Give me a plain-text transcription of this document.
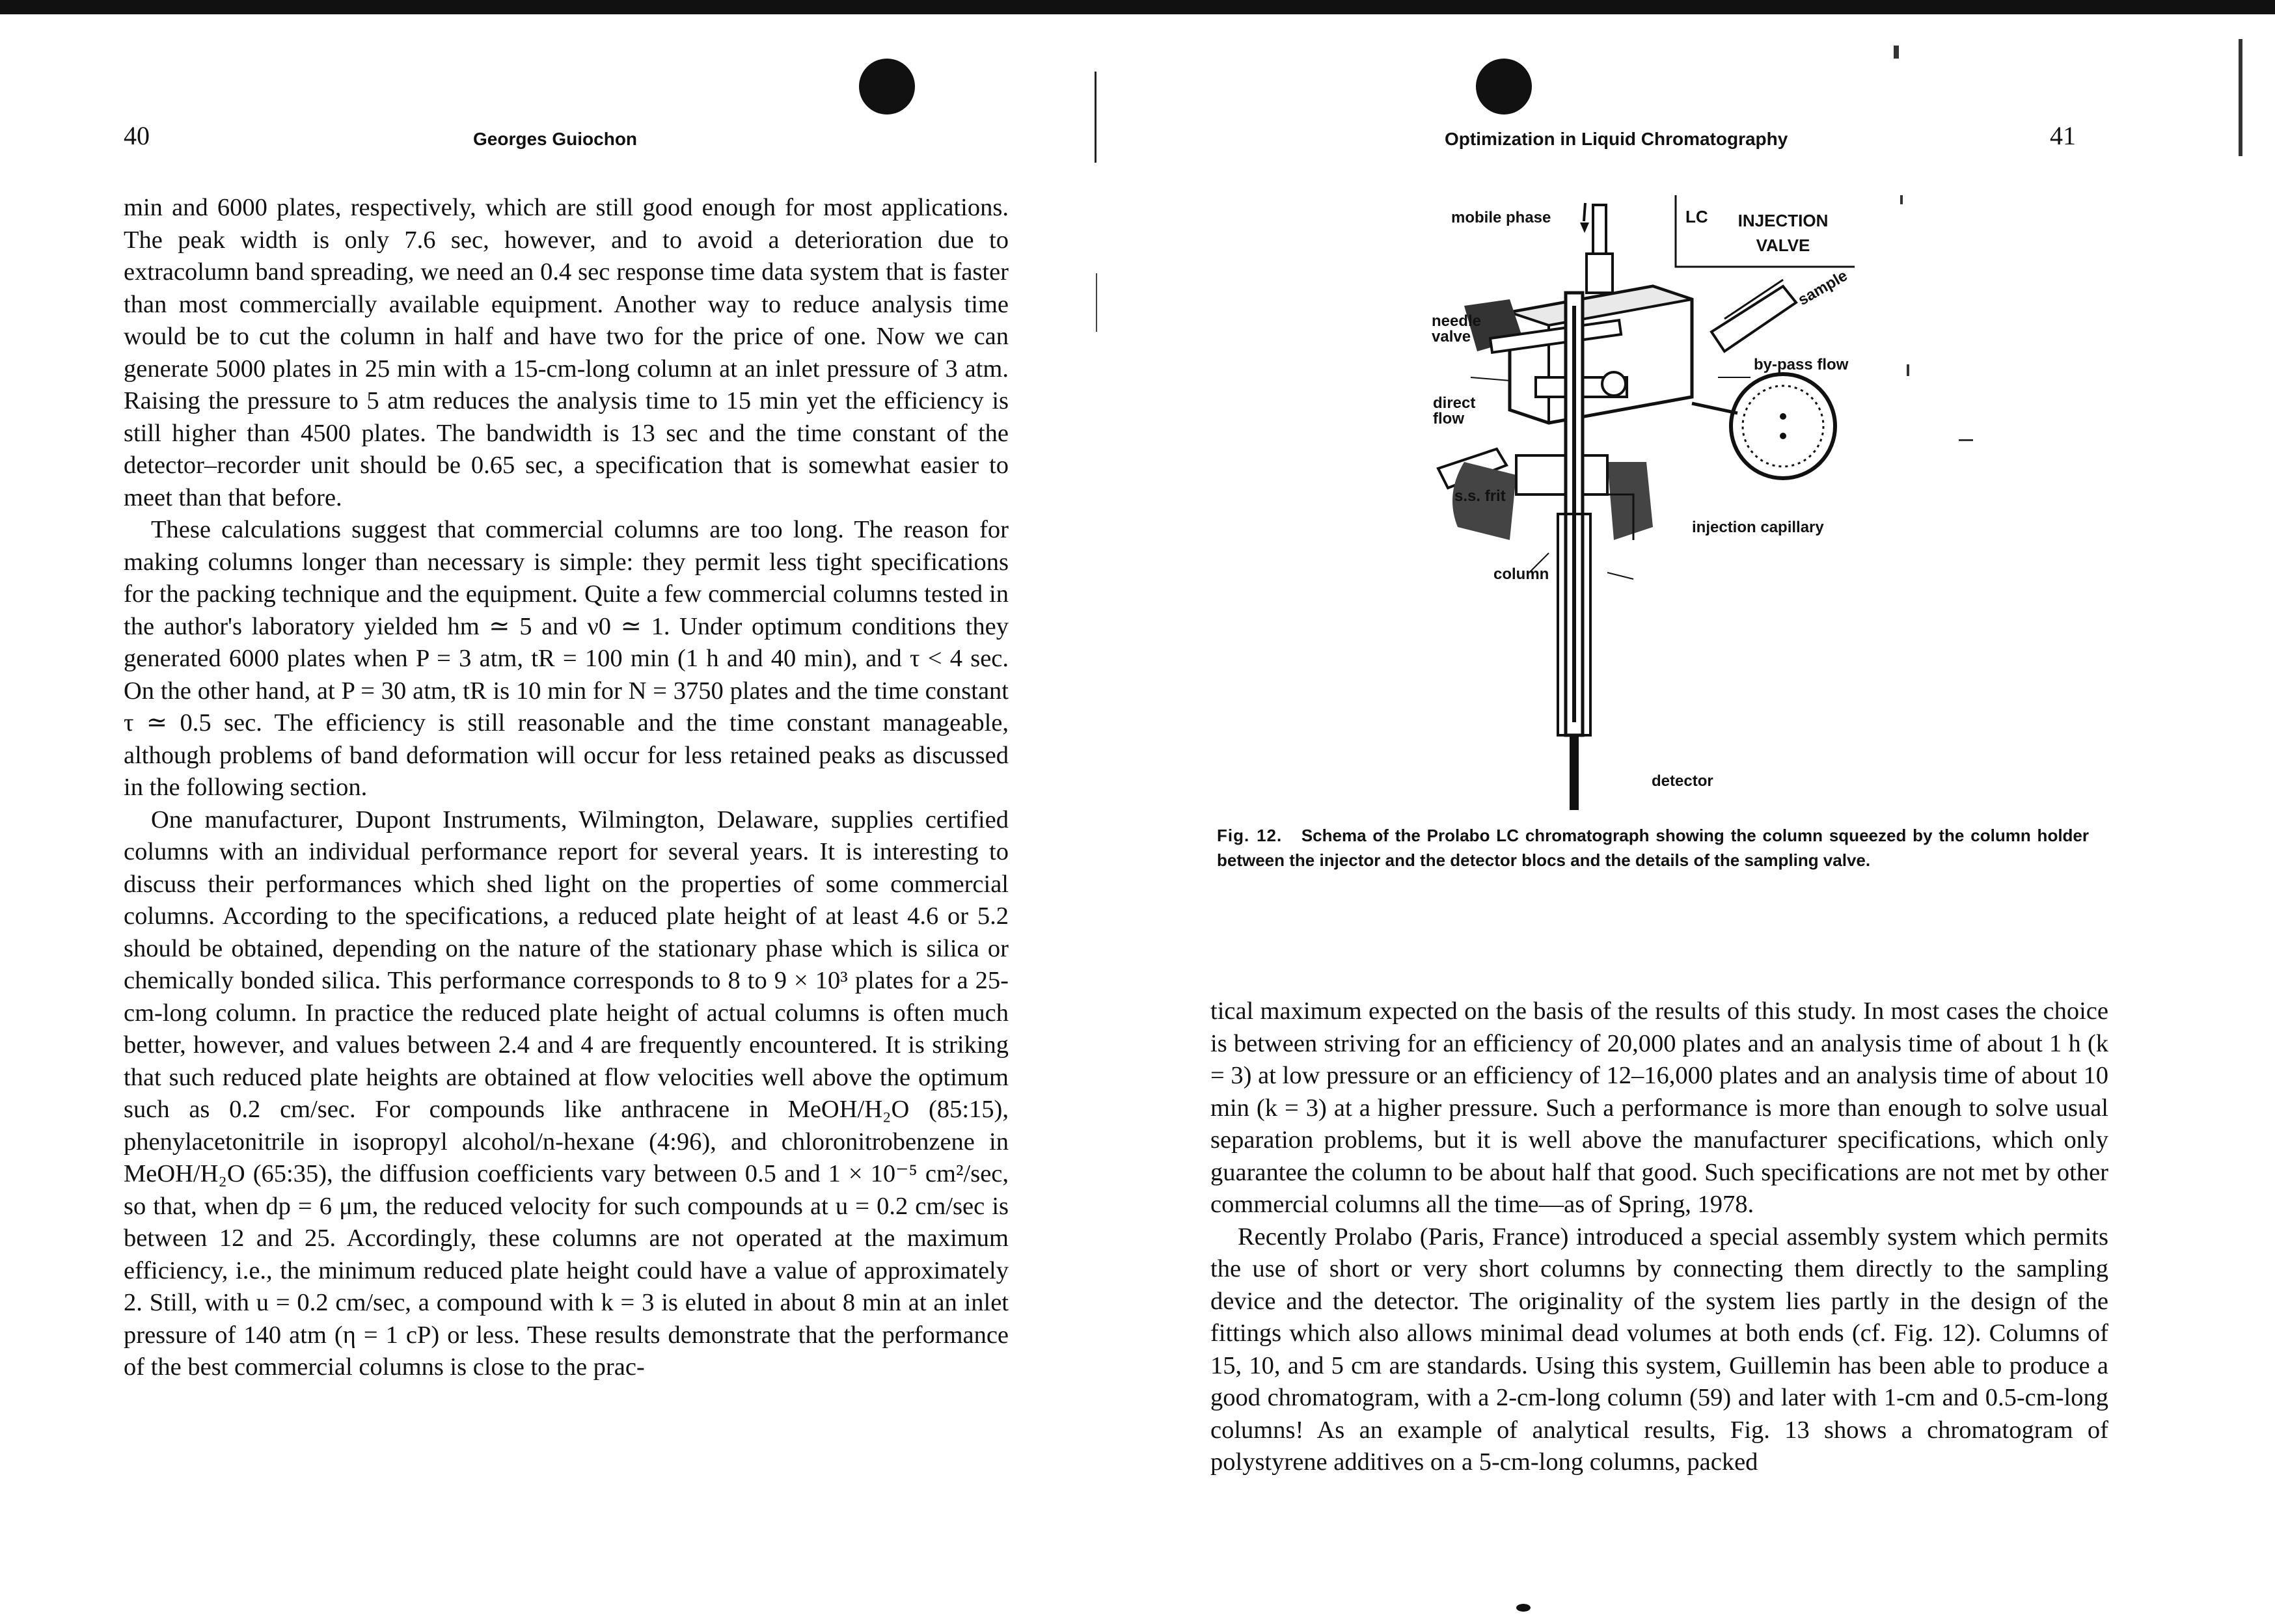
40	Georges Guiochon

min and 6000 plates, respectively, which are still good enough for most applications. The peak width is only 7.6 sec, however, and to avoid a deterioration due to extracolumn band spreading, we need an 0.4 sec response time data system that is faster than most commercially available equipment. Another way to reduce analysis time would be to cut the column in half and have two for the price of one. Now we can generate 5000 plates in 25 min with a 15-cm-long column at an inlet pressure of 3 atm. Raising the pressure to 5 atm reduces the analysis time to 15 min yet the efficiency is still higher than 4500 plates. The bandwidth is 13 sec and the time constant of the detector–recorder unit should be 0.65 sec, a specification that is somewhat easier to meet than that before.

These calculations suggest that commercial columns are too long. The reason for making columns longer than necessary is simple: they permit less tight specifications for the packing technique and the equipment. Quite a few commercial columns tested in the author's laboratory yielded hm ≃ 5 and ν0 ≃ 1. Under optimum conditions they generated 6000 plates when P = 3 atm, tR = 100 min (1 h and 40 min), and τ < 4 sec. On the other hand, at P = 30 atm, tR is 10 min for N = 3750 plates and the time constant τ ≃ 0.5 sec. The efficiency is still reasonable and the time constant manageable, although problems of band deformation will occur for less retained peaks as discussed in the following section.

One manufacturer, Dupont Instruments, Wilmington, Delaware, supplies certified columns with an individual performance report for several years. It is interesting to discuss their performances which shed light on the properties of some commercial columns. According to the specifications, a reduced plate height of at least 4.6 or 5.2 should be obtained, depending on the nature of the stationary phase which is silica or chemically bonded silica. This performance corresponds to 8 to 9 × 10³ plates for a 25-cm-long column. In practice the reduced plate height of actual columns is often much better, however, and values between 2.4 and 4 are frequently encountered. It is striking that such reduced plate heights are obtained at flow velocities well above the optimum such as 0.2 cm/sec. For compounds like anthracene in MeOH/H₂O (85:15), phenylacetonitrile in isopropyl alcohol/n-hexane (4:96), and chloronitrobenzene in MeOH/H₂O (65:35), the diffusion coefficients vary between 0.5 and 1 × 10⁻⁵ cm²/sec, so that, when dp = 6 μm, the reduced velocity for such compounds at u = 0.2 cm/sec is between 12 and 25. Accordingly, these columns are not operated at the maximum efficiency, i.e., the minimum reduced plate height could have a value of approximately 2. Still, with u = 0.2 cm/sec, a compound with k = 3 is eluted in about 8 min at an inlet pressure of 140 atm (η = 1 cP) or less. These results demonstrate that the performance of the best commercial columns is close to the prac-

41
Optimization in Liquid Chromatography

tical maximum expected on the basis of the results of this study. In most cases the choice is between striving for an efficiency of 20,000 plates and an analysis time of about 1 h (k = 3) at low pressure or an efficiency of 12–16,000 plates and an analysis time of about 10 min (k = 3) at a higher pressure. Such a performance is more than enough to solve usual separation problems, but it is well above the manufacturer specifications, which only guarantee the column to be about half that good. Such specifications are not met by other commercial columns all the time—as of Spring, 1978.

Recently Prolabo (Paris, France) introduced a special assembly system which permits the use of short or very short columns by connecting them directly to the sampling device and the detector. The originality of the system lies partly in the design of the fittings which also allows minimal dead volumes at both ends (cf. Fig. 12). Columns of 15, 10, and 5 cm are standards. Using this system, Guillemin has been able to produce a good chromatogram, with a 2-cm-long column (59) and later with 1-cm and 0.5-cm-long columns! As an example of analytical results, Fig. 13 shows a chromatogram of polystyrene additives on a 5-cm-long columns, packed

mobile phase	LC INJECTION VALVE
needle valve
sample
by-pass flow
direct flow
s.s. frit
injection capillary
column
detector
Fig. 12. Schema of the Prolabo LC chromatograph showing the column squeezed by the column holder between the injector and the detector blocs and the details of the sampling valve.
